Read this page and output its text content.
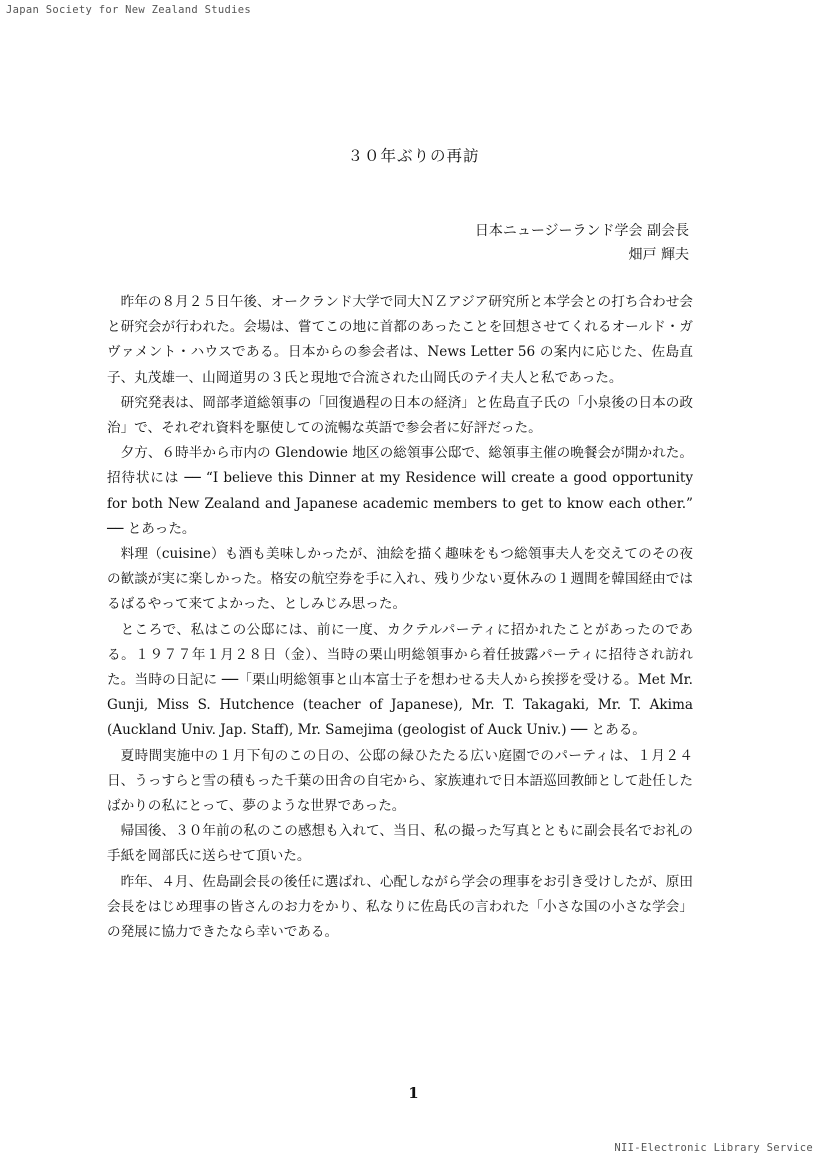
Japan Society for New Zealand Studies
３０年ぶりの再訪
日本ニュージーランド学会 副会長
畑戸 輝夫

昨年の８月２５日午後、オークランド大学で同大ＮＺアジア研究所と本学会との打ち合わせ会と研究会が行われた。会場は、嘗てこの地に首都のあったことを回想させてくれるオールド・ガヴァメント・ハウスである。日本からの参会者は、News Letter 56 の案内に応じた、佐島直子、丸茂雄一、山岡道男の３氏と現地で合流された山岡氏のテイ夫人と私であった。

研究発表は、岡部孝道総領事の「回復過程の日本の経済」と佐島直子氏の「小泉後の日本の政治」で、それぞれ資料を駆使しての流暢な英語で参会者に好評だった。

夕方、６時半から市内の Glendowie 地区の総領事公邸で、総領事主催の晩餐会が開かれた。招待状には ── “I believe this Dinner at my Residence will create a good opportunity for both New Zealand and Japanese academic members to get to know each other.” ── とあった。

料理（cuisine）も酒も美味しかったが、油絵を描く趣味をもつ総領事夫人を交えてのその夜の歓談が実に楽しかった。格安の航空券を手に入れ、残り少ない夏休みの１週間を韓国経由ではるばるやって来てよかった、としみじみ思った。

ところで、私はこの公邸には、前に一度、カクテルパーティに招かれたことがあったのである。１９７７年１月２８日（金）、当時の栗山明総領事から着任披露パーティに招待され訪れた。当時の日記に ──「栗山明総領事と山本富士子を想わせる夫人から挨拶を受ける。Met Mr. Gunji, Miss S. Hutchence (teacher of Japanese), Mr. T. Takagaki, Mr. T. Akima (Auckland Univ. Jap. Staff), Mr. Samejima (geologist of Auck Univ.) ── とある。

夏時間実施中の１月下旬のこの日の、公邸の緑ひたたる広い庭園でのパーティは、１月２４日、うっすらと雪の積もった千葉の田舎の自宅から、家族連れで日本語巡回教師として赴任したばかりの私にとって、夢のような世界であった。

帰国後、３０年前の私のこの感想も入れて、当日、私の撮った写真とともに副会長名でお礼の手紙を岡部氏に送らせて頂いた。

昨年、４月、佐島副会長の後任に選ばれ、心配しながら学会の理事をお引き受けしたが、原田会長をはじめ理事の皆さんのお力をかり、私なりに佐島氏の言われた「小さな国の小さな学会」の発展に協力できたなら幸いである。

1
NII-Electronic Library Service
